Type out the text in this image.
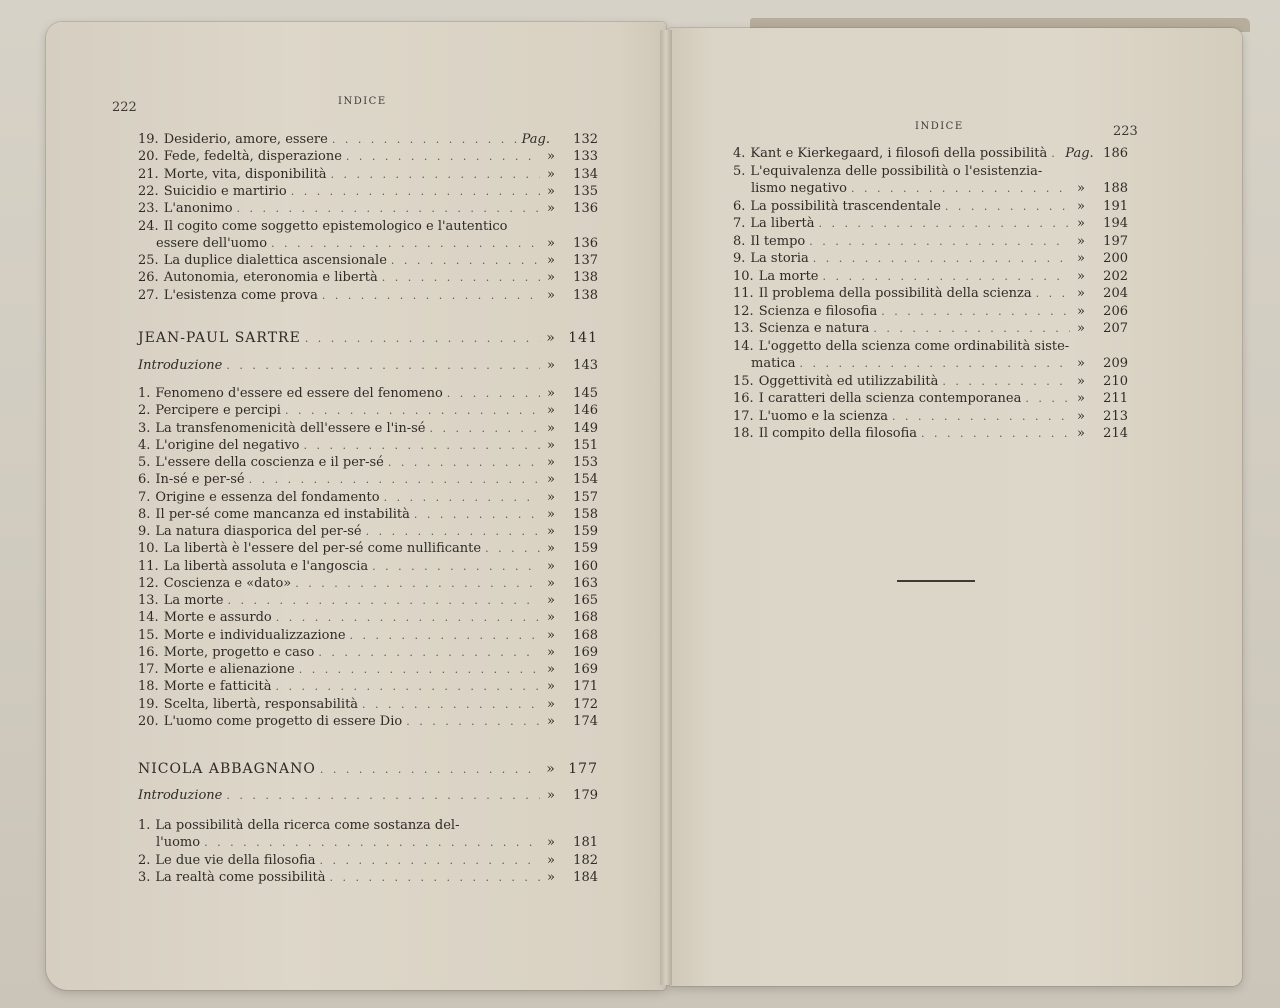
222	INDICE
INDICE	223
19. Desiderio, amore, essere . . .	Pag.	132
20. Fede, fedeltà, disperazione . . .	»	133
21. Morte, vita, disponibilità . . .	»	134
22. Suicidio e martirio . . .	»	135
23. L'anonimo . . .	»	136
24. Il cogito come soggetto epistemologico e l'autentico
essere dell'uomo . . .	»	136
25. La duplice dialettica ascensionale . . .	»	137
26. Autonomia, eteronomia e libertà . . .	»	138
27. L'esistenza come prova . . .	»	138
JEAN-PAUL SARTRE . . .	» 141
Introduzione . . .	»	143
1. Fenomeno d'essere ed essere del fenomeno . . .	»	145
2. Percipere e percipi . . .	»	146
3. La transfenomenicità dell'essere e l'in-sé . . .	»	149
4. L'origine del negativo . . .	»	151
5. L'essere della coscienza e il per-sé . . .	»	153
6. In-sé e per-sé . . .	»	154
7. Origine e essenza del fondamento . . .	»	157
8. Il per-sé come mancanza ed instabilità . . .	»	158
9. La natura diasporica del per-sé . . .	»	159
10. La libertà è l'essere del per-sé come nullificante . . .	»	159
11. La libertà assoluta e l'angoscia . . .	»	160
12. Coscienza e «dato» . . .	»	163
13. La morte . . .	»	165
14. Morte e assurdo . . .	»	168
15. Morte e individualizzazione . . .	»	168
16. Morte, progetto e caso . . .	»	169
17. Morte e alienazione . . .	»	169
18. Morte e fatticità . . .	»	171
19. Scelta, libertà, responsabilità . . .	»	172
20. L'uomo come progetto di essere Dio . . .	»	174
NICOLA ABBAGNANO . . .	» 177
Introduzione . . .	»	179
1. La possibilità della ricerca come sostanza del-
l'uomo . . .	»	181
2. Le due vie della filosofia . . .	»	182
3. La realtà come possibilità . . .	»	184
4. Kant e Kierkegaard, i filosofi della possibilità . . . Pag. 186
5. L'equivalenza delle possibilità o l'esistenzia-
lismo negativo . . .	»	188
6. La possibilità trascendentale . . .	»	191
7. La libertà . . .	»	194
8. Il tempo . . .	»	197
9. La storia . . .	»	200
10. La morte . . .	»	202
11. Il problema della possibilità della scienza . . .	»	204
12. Scienza e filosofia . . .	»	206
13. Scienza e natura . . .	»	207
14. L'oggetto della scienza come ordinabilità siste-
matica . . .	»	209
15. Oggettività ed utilizzabilità . . .	»	210
16. I caratteri della scienza contemporanea . . .	»	211
17. L'uomo e la scienza . . .	»	213
18. Il compito della filosofia . . .	»	214
